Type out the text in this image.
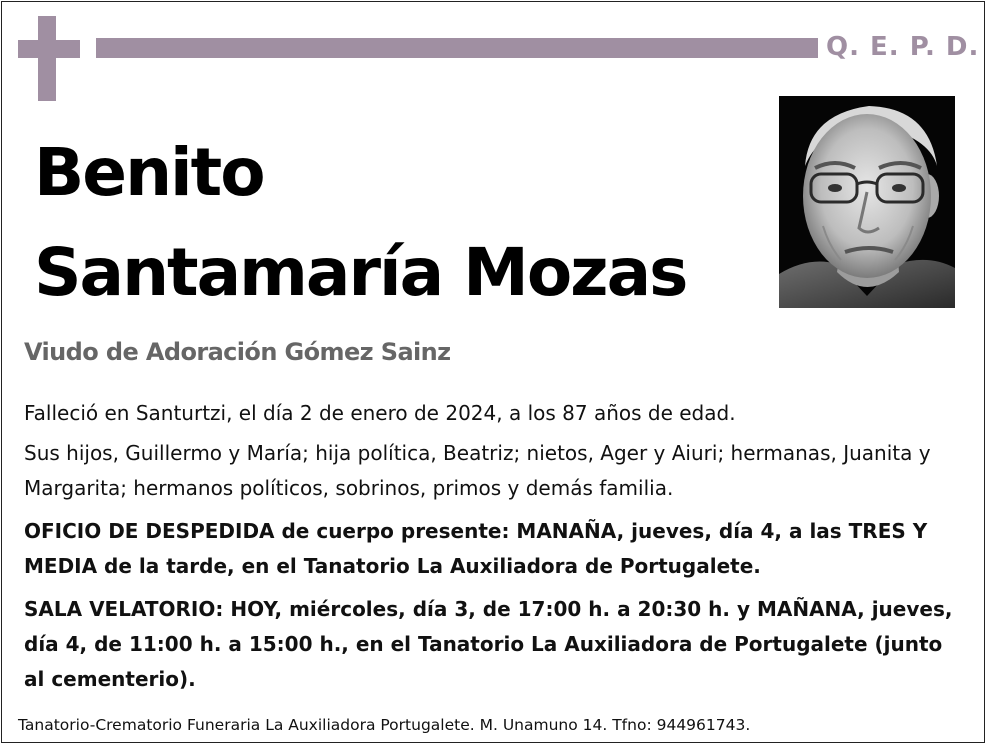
Q. E. P. D.
Benito
Santamaría Mozas
Viudo de Adoración Gómez Sainz
Falleció en Santurtzi, el día 2 de enero de 2024, a los 87 años de edad.
Sus hijos, Guillermo y María; hija política, Beatriz; nietos, Ager y Aiuri; hermanas, Juanita y Margarita; hermanos políticos, sobrinos, primos y demás familia.
OFICIO DE DESPEDIDA de cuerpo presente: MANAÑA, jueves, día 4, a las TRES Y MEDIA de la tarde, en el Tanatorio La Auxiliadora de Portugalete.
SALA VELATORIO: HOY, miércoles, día 3, de 17:00 h. a 20:30 h. y MAÑANA, jueves, día 4, de 11:00 h. a 15:00 h., en el Tanatorio La Auxiliadora de Portugalete (junto al cementerio).
Tanatorio-Crematorio Funeraria La Auxiliadora Portugalete. M. Unamuno 14. Tfno: 944961743.
